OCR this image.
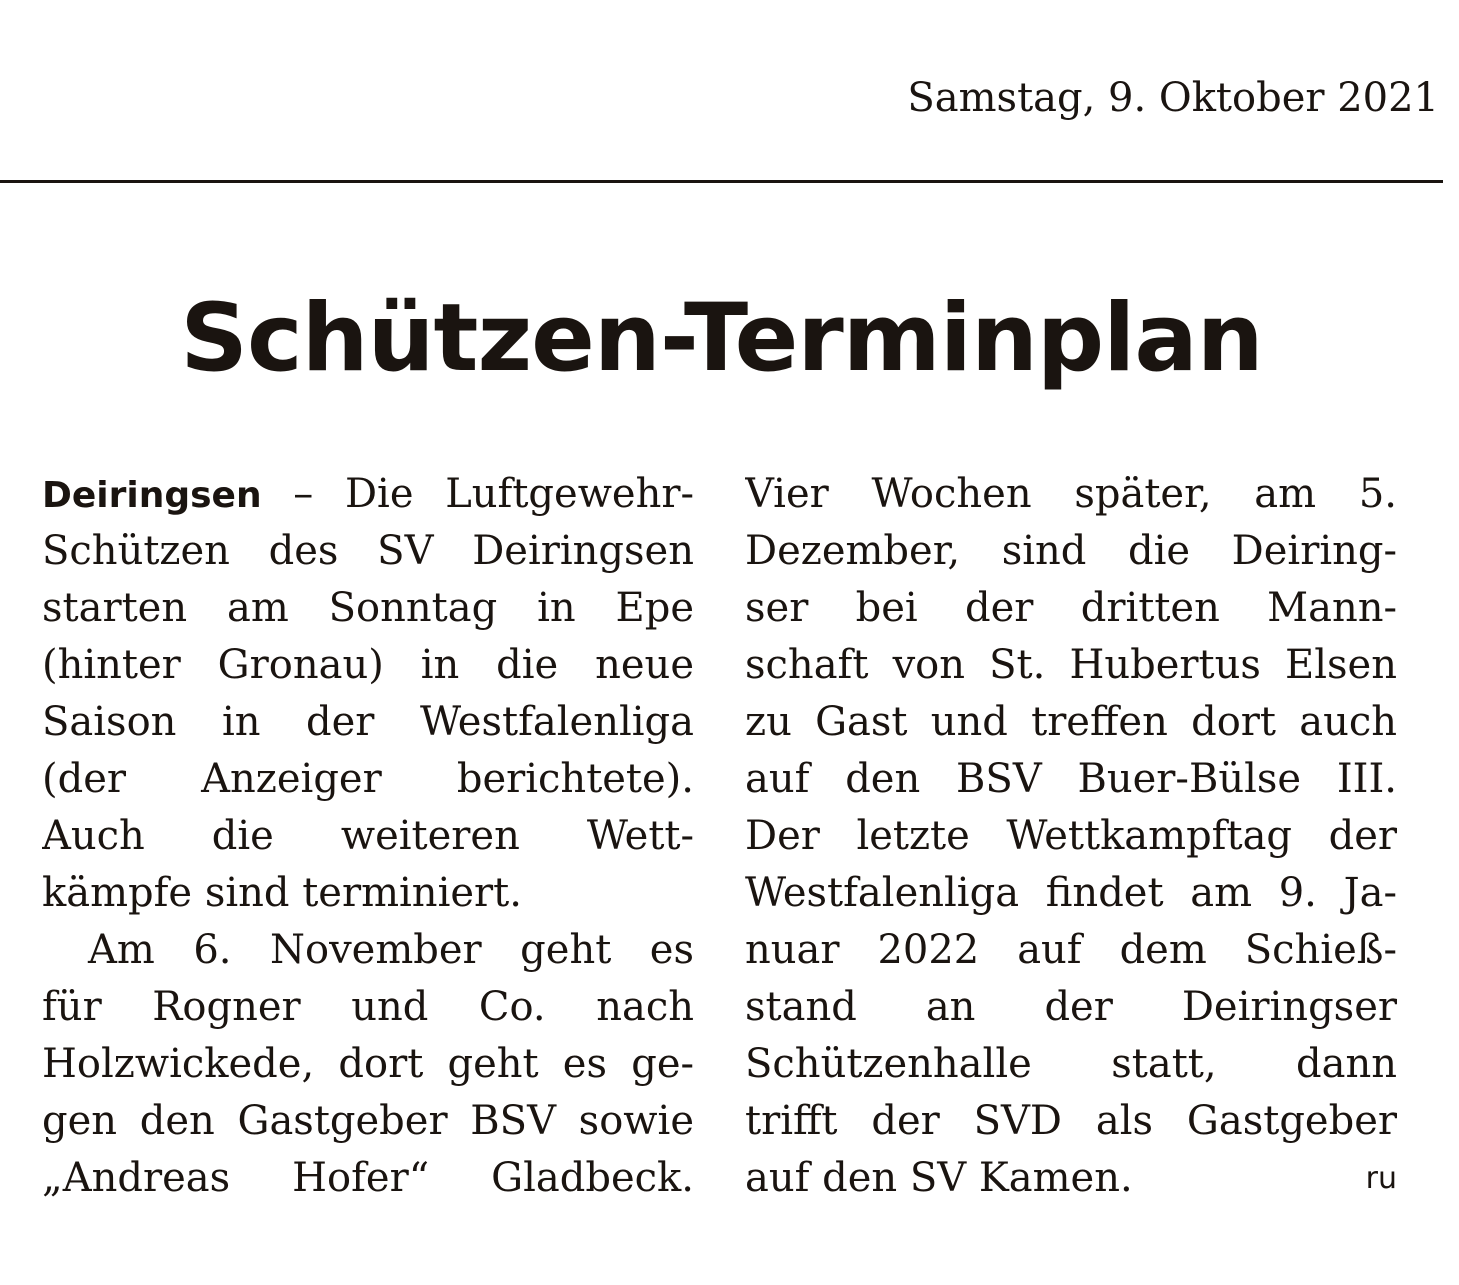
Samstag, 9. Oktober 2021
Schützen-Terminplan
Deiringsen – Die Luftgewehr-
Schützen des SV Deiringsen
starten am Sonntag in Epe
(hinter Gronau) in die neue
Saison in der Westfalenliga
(der Anzeiger berichtete).
Auch die weiteren Wett-
kämpfe sind terminiert.
Am 6. November geht es
für Rogner und Co. nach
Holzwickede, dort geht es ge-
gen den Gastgeber BSV sowie
„Andreas Hofer“ Gladbeck.
Vier Wochen später, am 5.
Dezember, sind die Deiring-
ser bei der dritten Mann-
schaft von St. Hubertus Elsen
zu Gast und treffen dort auch
auf den BSV Buer-Bülse III.
Der letzte Wettkampftag der
Westfalenliga findet am 9. Ja-
nuar 2022 auf dem Schieß-
stand an der Deiringser
Schützenhalle statt, dann
trifft der SVD als Gastgeber
auf den SV Kamen.	ru
